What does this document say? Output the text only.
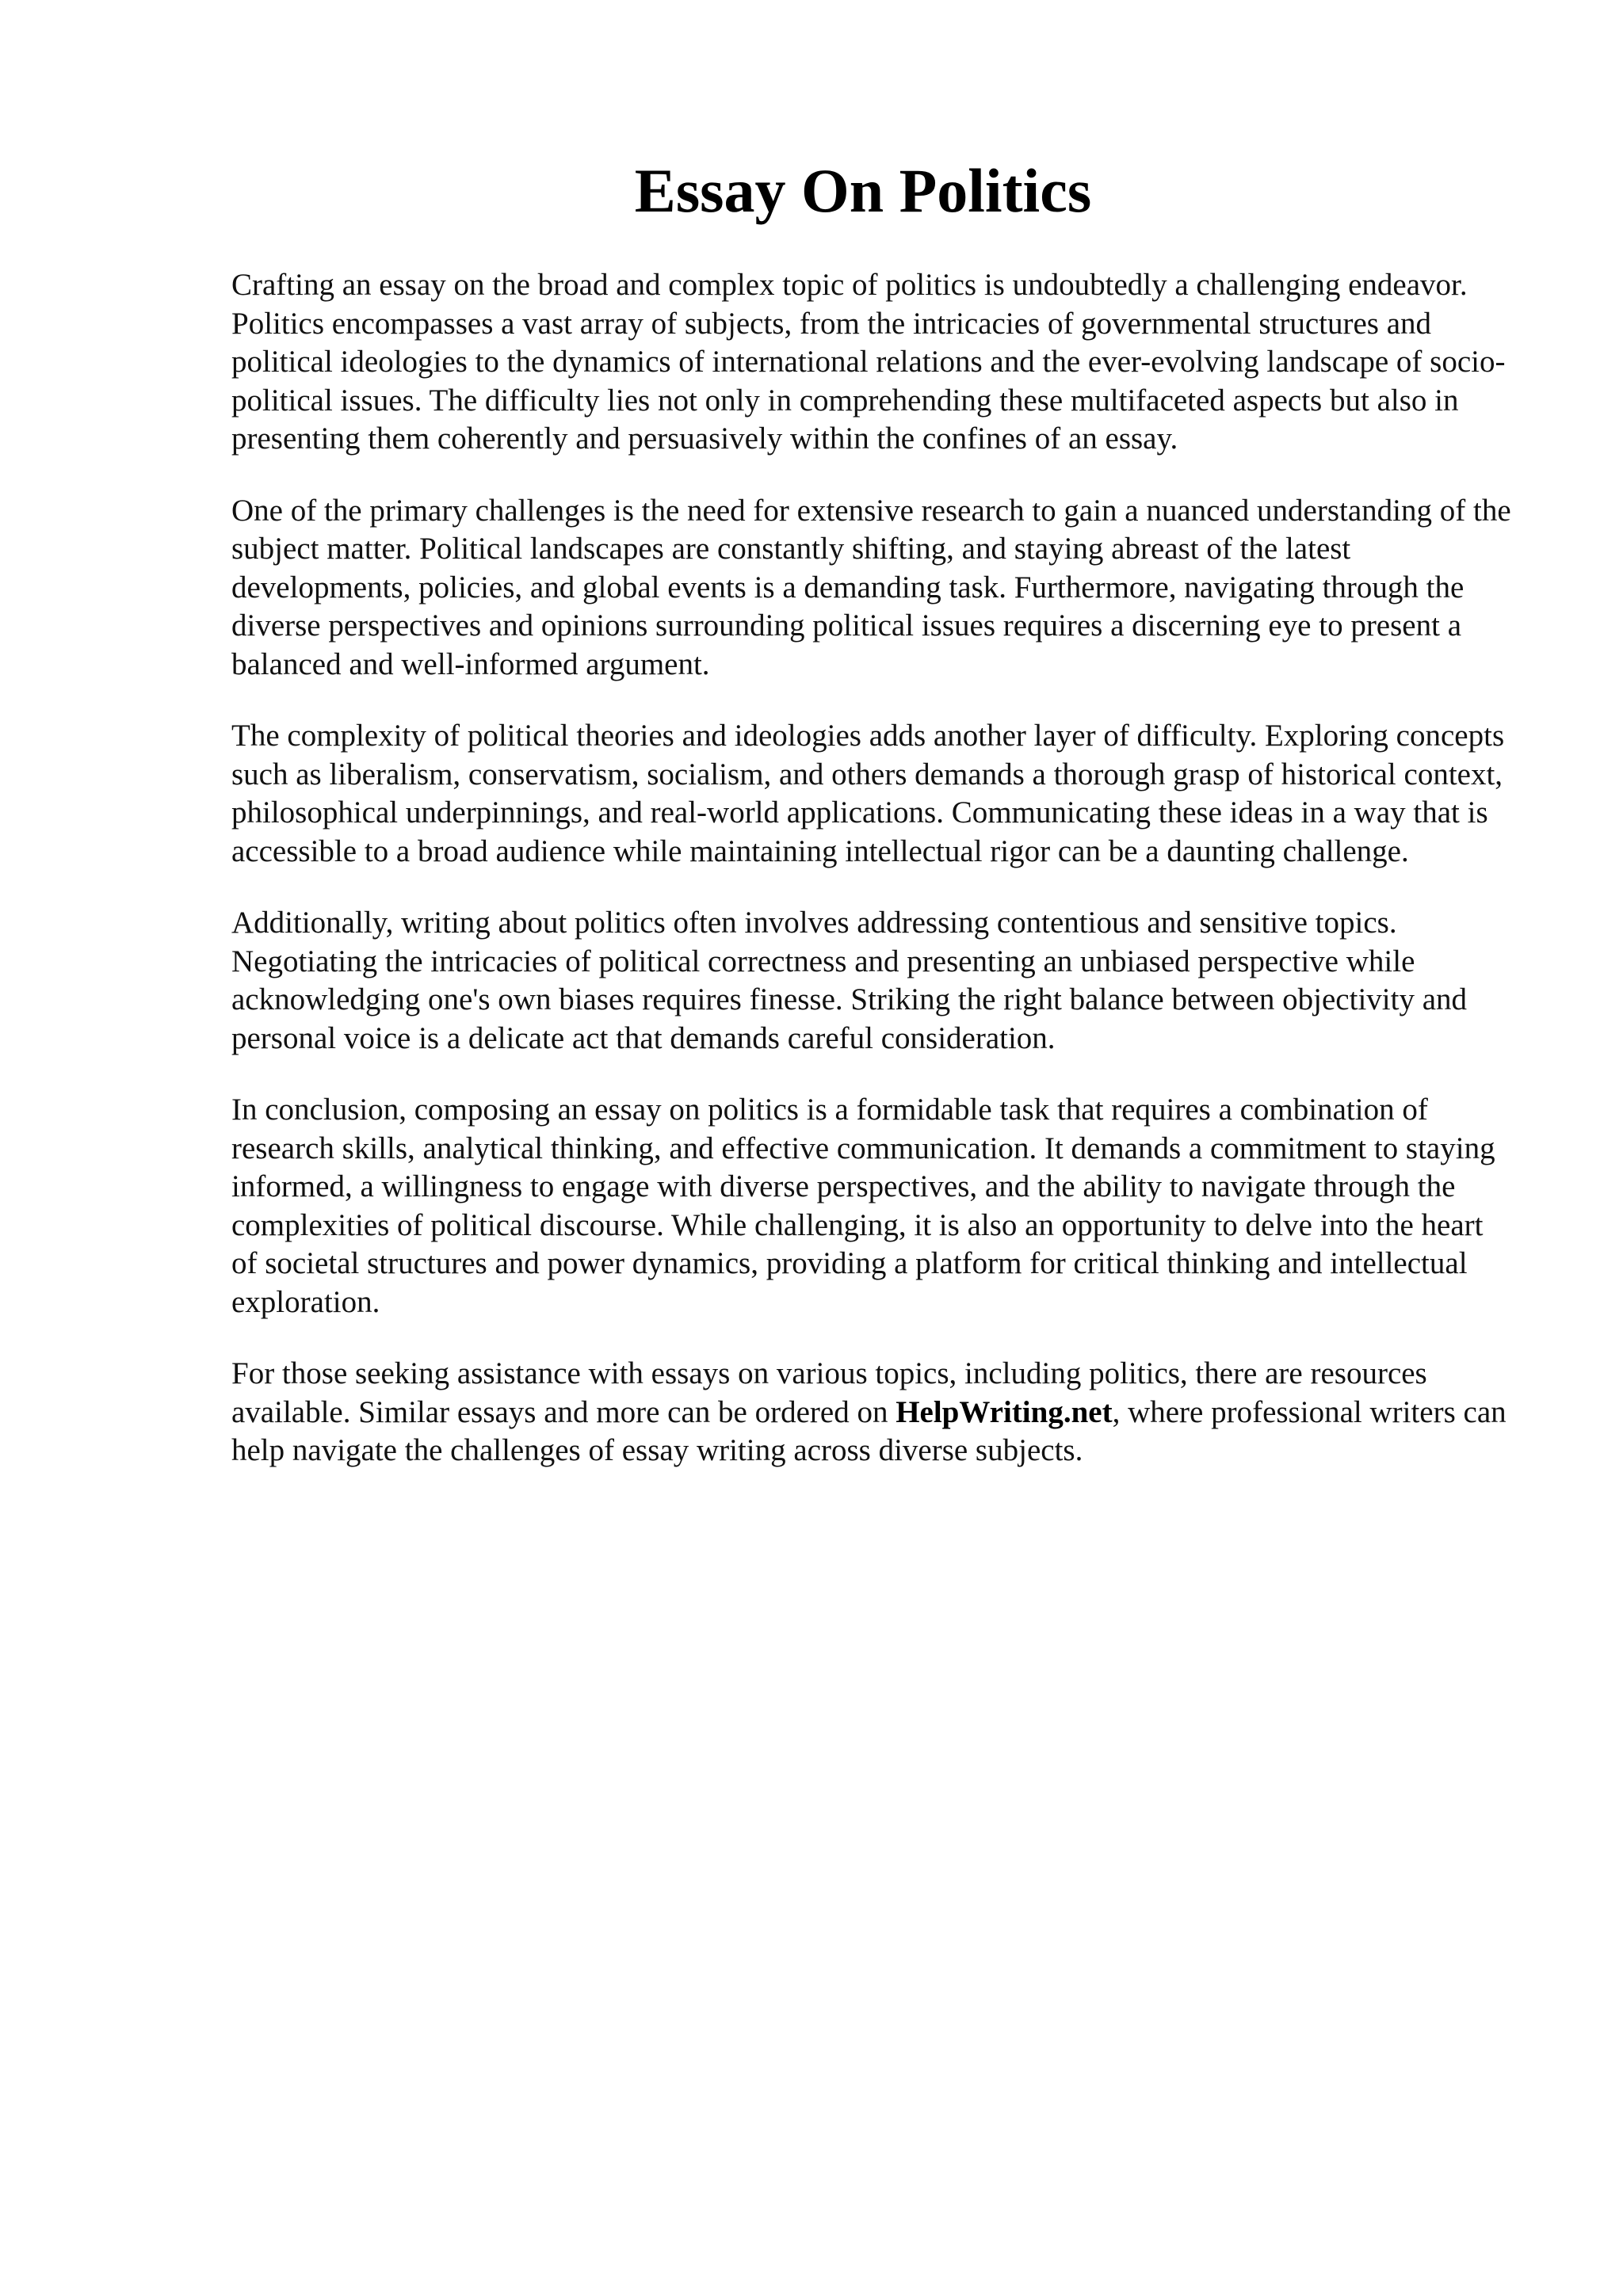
Essay On Politics

Crafting an essay on the broad and complex topic of politics is undoubtedly a challenging endeavor. Politics encompasses a vast array of subjects, from the intricacies of governmental structures and political ideologies to the dynamics of international relations and the ever-evolving landscape of socio-political issues. The difficulty lies not only in comprehending these multifaceted aspects but also in presenting them coherently and persuasively within the confines of an essay.

One of the primary challenges is the need for extensive research to gain a nuanced understanding of the subject matter. Political landscapes are constantly shifting, and staying abreast of the latest developments, policies, and global events is a demanding task. Furthermore, navigating through the diverse perspectives and opinions surrounding political issues requires a discerning eye to present a balanced and well-informed argument.

The complexity of political theories and ideologies adds another layer of difficulty. Exploring concepts such as liberalism, conservatism, socialism, and others demands a thorough grasp of historical context, philosophical underpinnings, and real-world applications. Communicating these ideas in a way that is accessible to a broad audience while maintaining intellectual rigor can be a daunting challenge.

Additionally, writing about politics often involves addressing contentious and sensitive topics. Negotiating the intricacies of political correctness and presenting an unbiased perspective while acknowledging one's own biases requires finesse. Striking the right balance between objectivity and personal voice is a delicate act that demands careful consideration.

In conclusion, composing an essay on politics is a formidable task that requires a combination of research skills, analytical thinking, and effective communication. It demands a commitment to staying informed, a willingness to engage with diverse perspectives, and the ability to navigate through the complexities of political discourse. While challenging, it is also an opportunity to delve into the heart of societal structures and power dynamics, providing a platform for critical thinking and intellectual exploration.

For those seeking assistance with essays on various topics, including politics, there are resources available. Similar essays and more can be ordered on HelpWriting.net, where professional writers can help navigate the challenges of essay writing across diverse subjects.
